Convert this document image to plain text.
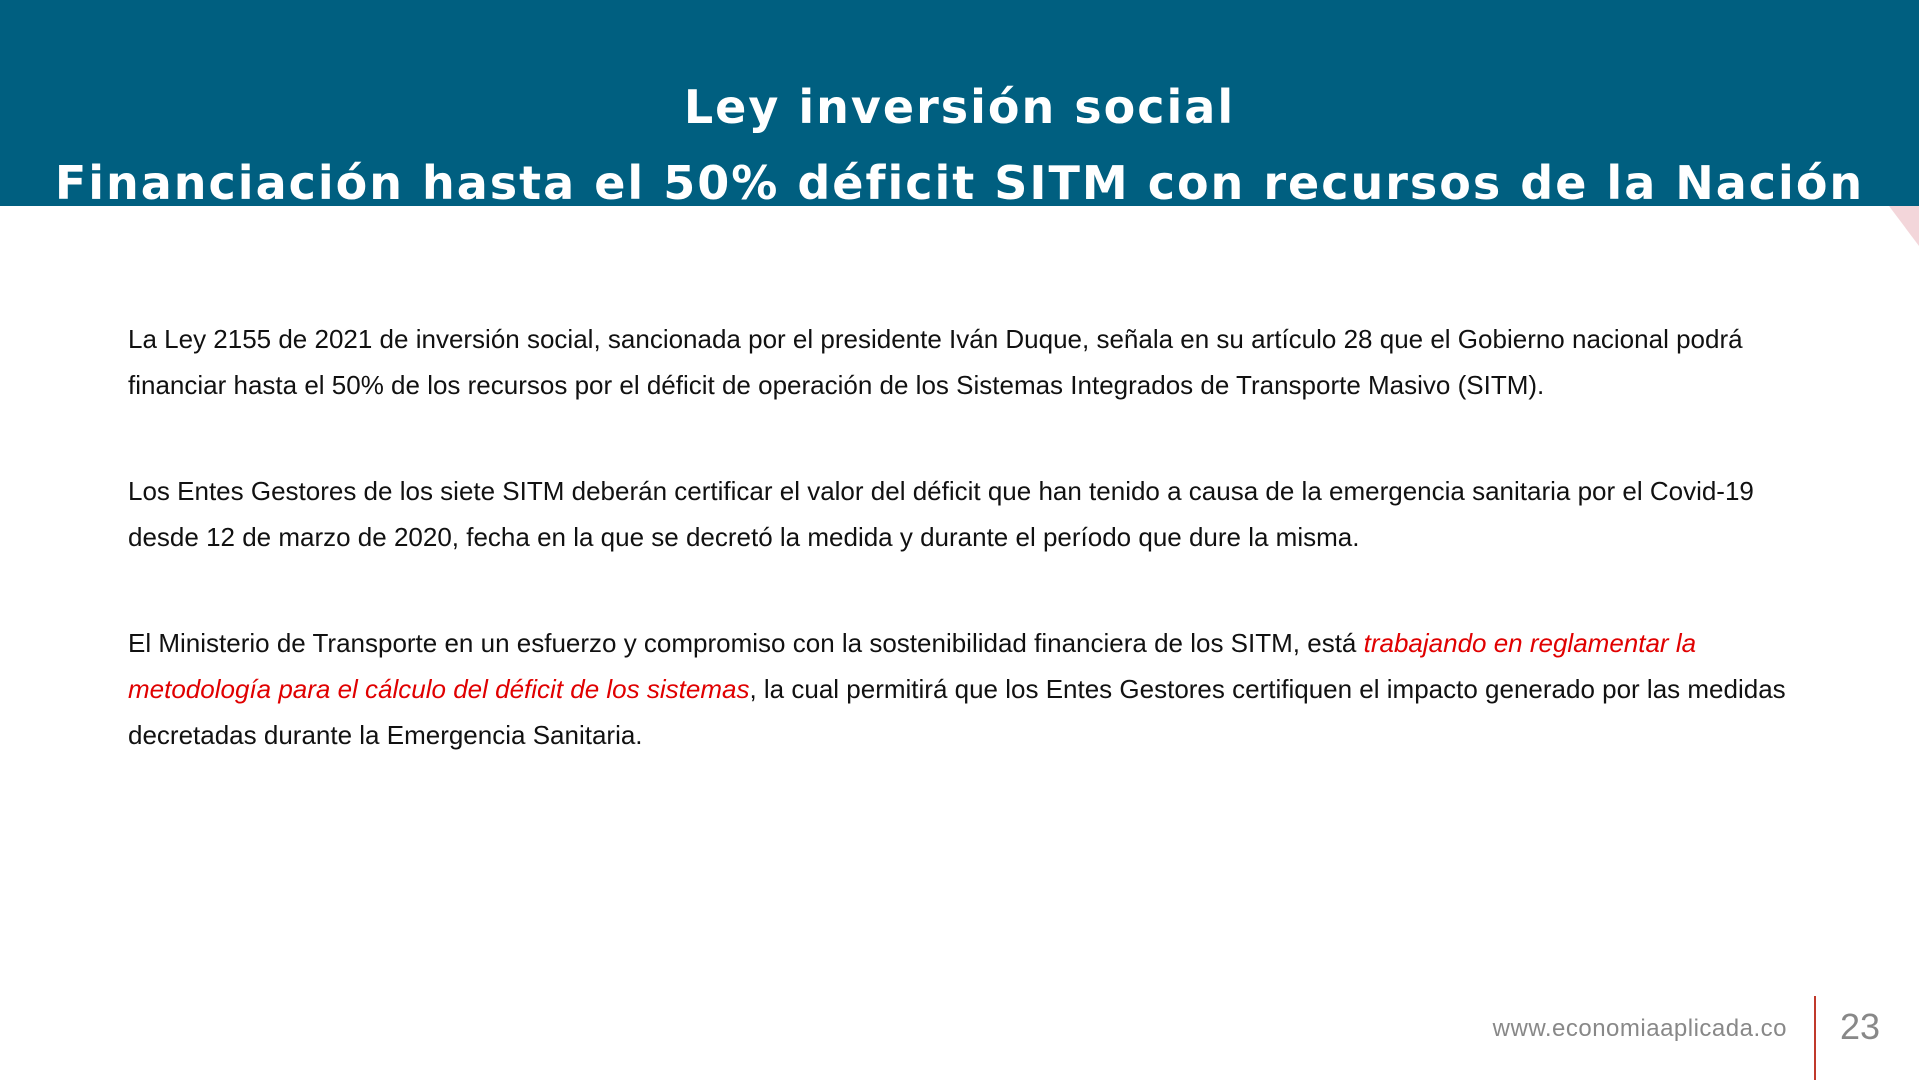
Ley inversión social
Financiación hasta el 50% déficit SITM con recursos de la Nación

La Ley 2155 de 2021 de inversión social, sancionada por el presidente Iván Duque, señala en su artículo 28 que el Gobierno nacional podrá financiar hasta el 50% de los recursos por el déficit de operación de los Sistemas Integrados de Transporte Masivo (SITM).

Los Entes Gestores de los siete SITM deberán certificar el valor del déficit que han tenido a causa de la emergencia sanitaria por el Covid-19 desde 12 de marzo de 2020, fecha en la que se decretó la medida y durante el período que dure la misma.

El Ministerio de Transporte en un esfuerzo y compromiso con la sostenibilidad financiera de los SITM, está trabajando en reglamentar la metodología para el cálculo del déficit de los sistemas, la cual permitirá que los Entes Gestores certifiquen el impacto generado por las medidas decretadas durante la Emergencia Sanitaria.

www.economiaaplicada.co 23
